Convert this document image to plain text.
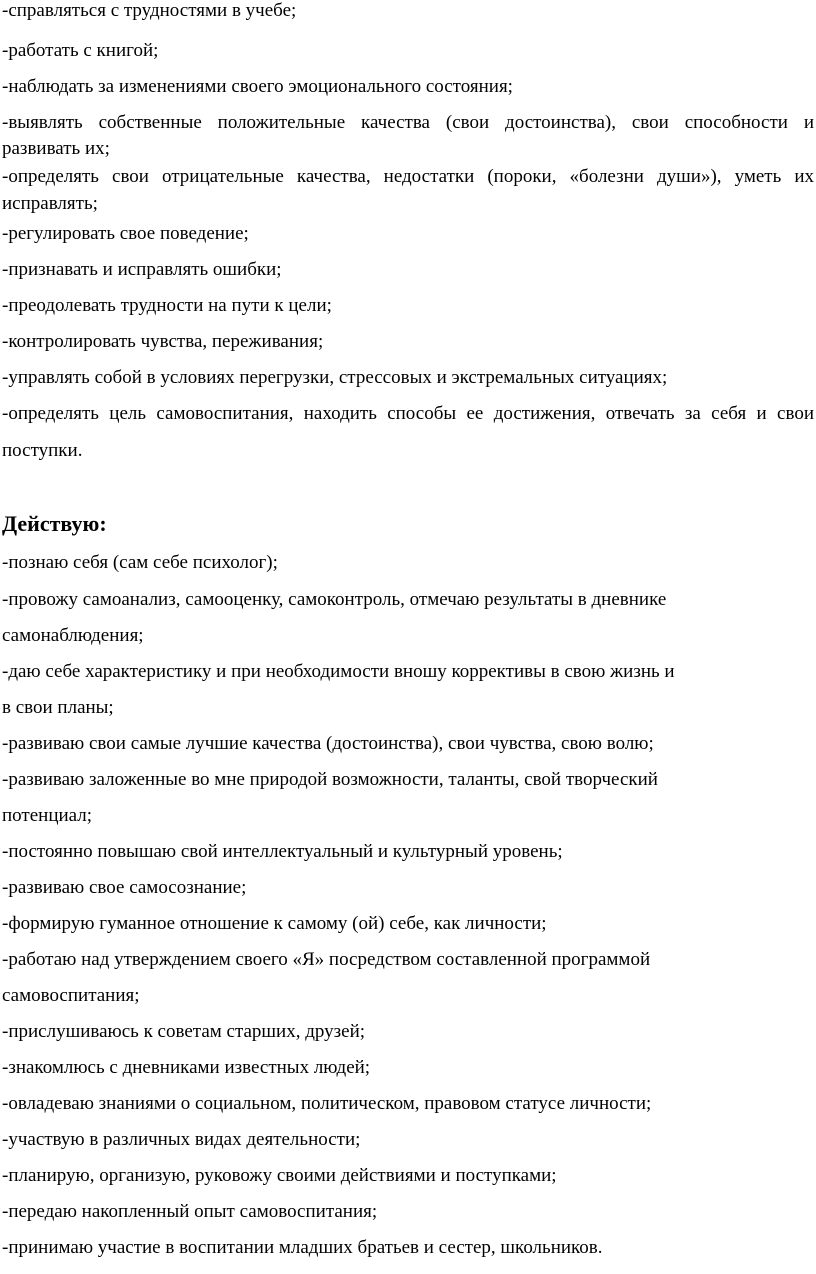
-справляться с трудностями в учебе;

-работать с книгой;

-наблюдать за изменениями своего эмоционального состояния;

-выявлять собственные положительные качества (свои достоинства), свои способности и

развивать их;

-определять свои отрицательные качества, недостатки (пороки, «болезни души»), уметь их

исправлять;

-регулировать свое поведение;

-признавать и исправлять ошибки;

-преодолевать трудности на пути к цели;

-контролировать чувства, переживания;

-управлять собой в условиях перегрузки, стрессовых и экстремальных ситуациях;

-определять цель самовоспитания, находить способы ее достижения, отвечать за себя и свои

поступки.

Действую:

-познаю себя (сам себе психолог);

-провожу самоанализ, самооценку, самоконтроль, отмечаю результаты в дневнике

самонаблюдения;

-даю себе характеристику и при необходимости вношу коррективы в свою жизнь и

в свои планы;

-развиваю свои самые лучшие качества (достоинства), свои чувства, свою волю;

-развиваю заложенные во мне природой возможности, таланты, свой творческий

потенциал;

-постоянно повышаю свой интеллектуальный и культурный уровень;

-развиваю свое самосознание;

-формирую гуманное отношение к самому (ой) себе, как личности;

-работаю над утверждением своего «Я» посредством составленной программой

самовоспитания;

-прислушиваюсь к советам старших, друзей;

-знакомлюсь с дневниками известных людей;

-овладеваю знаниями о социальном, политическом, правовом статусе личности;

-участвую в различных видах деятельности;

-планирую, организую, руковожу своими действиями и поступками;

-передаю накопленный опыт самовоспитания;

-принимаю участие в воспитании младших братьев и сестер, школьников.
